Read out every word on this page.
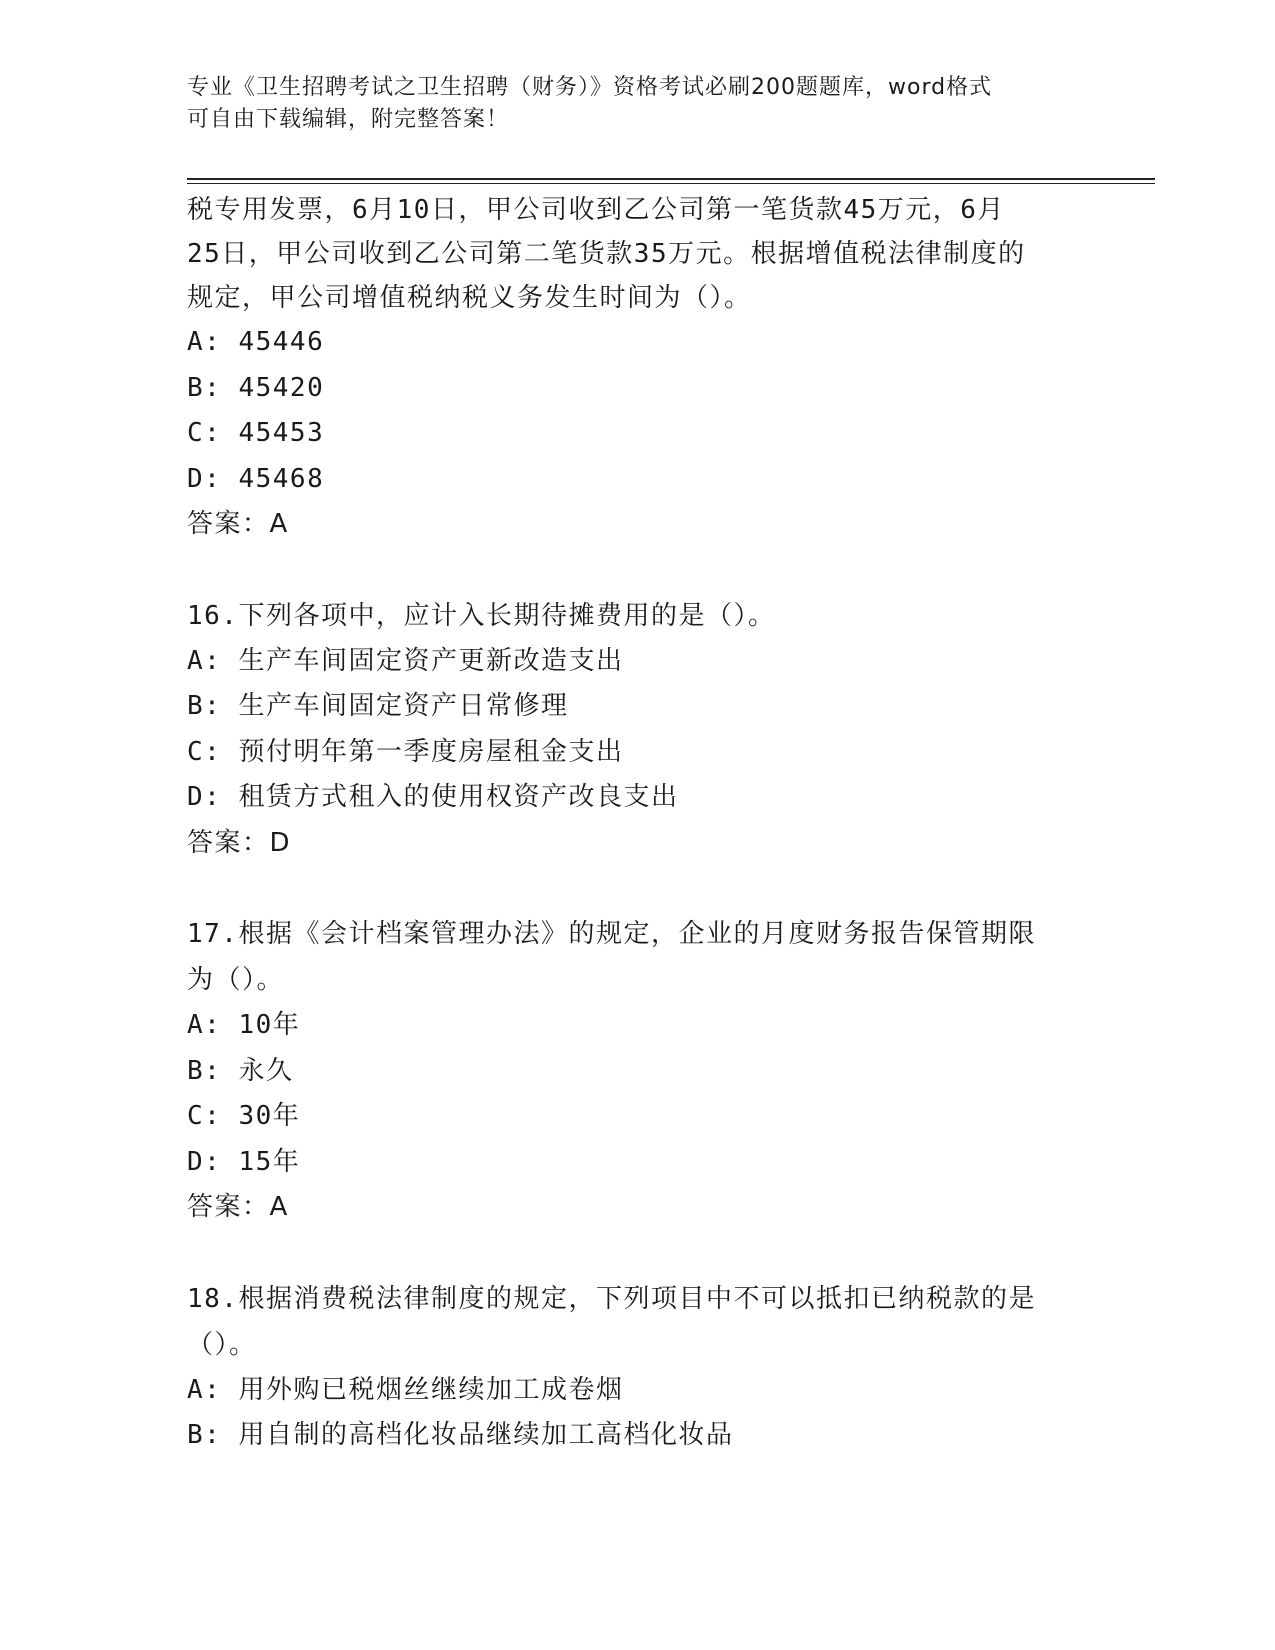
专业《卫生招聘考试之卫生招聘（财务）》资格考试必刷200题题库，word格式
可自由下载编辑，附完整答案！

税专用发票，6月10日，甲公司收到乙公司第一笔货款45万元，6月

25日，甲公司收到乙公司第二笔货款35万元。根据增值税法律制度的

规定，甲公司增值税纳税义务发生时间为（）。

A: 45446

B: 45420

C: 45453

D: 45468

答案：A

16.下列各项中，应计入长期待摊费用的是（）。

A: 生产车间固定资产更新改造支出

B: 生产车间固定资产日常修理

C: 预付明年第一季度房屋租金支出

D: 租赁方式租入的使用权资产改良支出

答案：D

17.根据《会计档案管理办法》的规定，企业的月度财务报告保管期限

为（）。

A: 10年

B: 永久

C: 30年

D: 15年

答案：A

18.根据消费税法律制度的规定，下列项目中不可以抵扣已纳税款的是

（）。

A: 用外购已税烟丝继续加工成卷烟

B: 用自制的高档化妆品继续加工高档化妆品
